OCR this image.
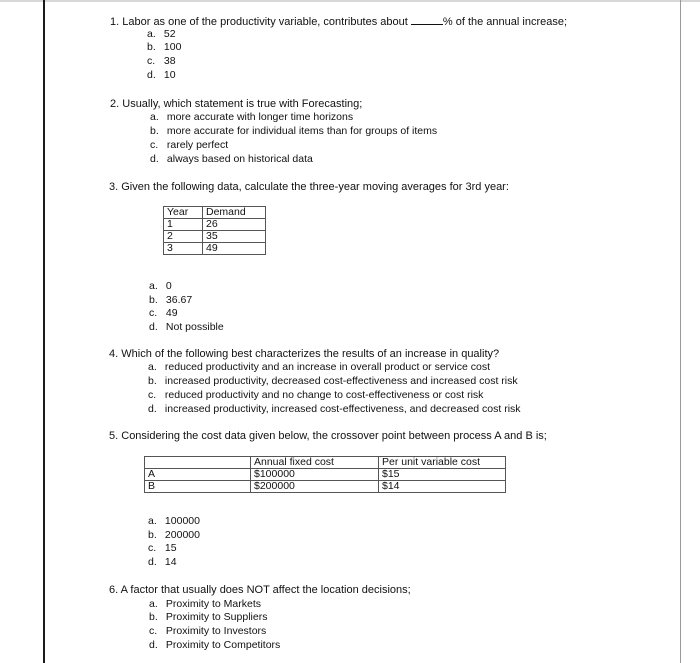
1. Labor as one of the productivity variable, contributes about	% of the annual increase;
a. 52
b. 100
c. 38
d. 10
2. Usually, which statement is true with Forecasting;
a. more accurate with longer time horizons
b. more accurate for individual items than for groups of items
c. rarely perfect
d. always based on historical data
3. Given the following data, calculate the three-year moving averages for 3rd year:
Year	Demand
1	26
2	35
3	49
a. 0
b. 36.67
c. 49
d. Not possible
4. Which of the following best characterizes the results of an increase in quality?
a. reduced productivity and an increase in overall product or service cost
b. increased productivity, decreased cost-effectiveness and increased cost risk
c. reduced productivity and no change to cost-effectiveness or cost risk
d. increased productivity, increased cost-effectiveness, and decreased cost risk
5. Considering the cost data given below, the crossover point between process A and B is;
	Annual fixed cost	Per unit variable cost
A	$100000	$15
B	$200000	$14
a. 100000
b. 200000
c. 15
d. 14
6. A factor that usually does NOT affect the location decisions;
a. Proximity to Markets
b. Proximity to Suppliers
c. Proximity to Investors
d. Proximity to Competitors
